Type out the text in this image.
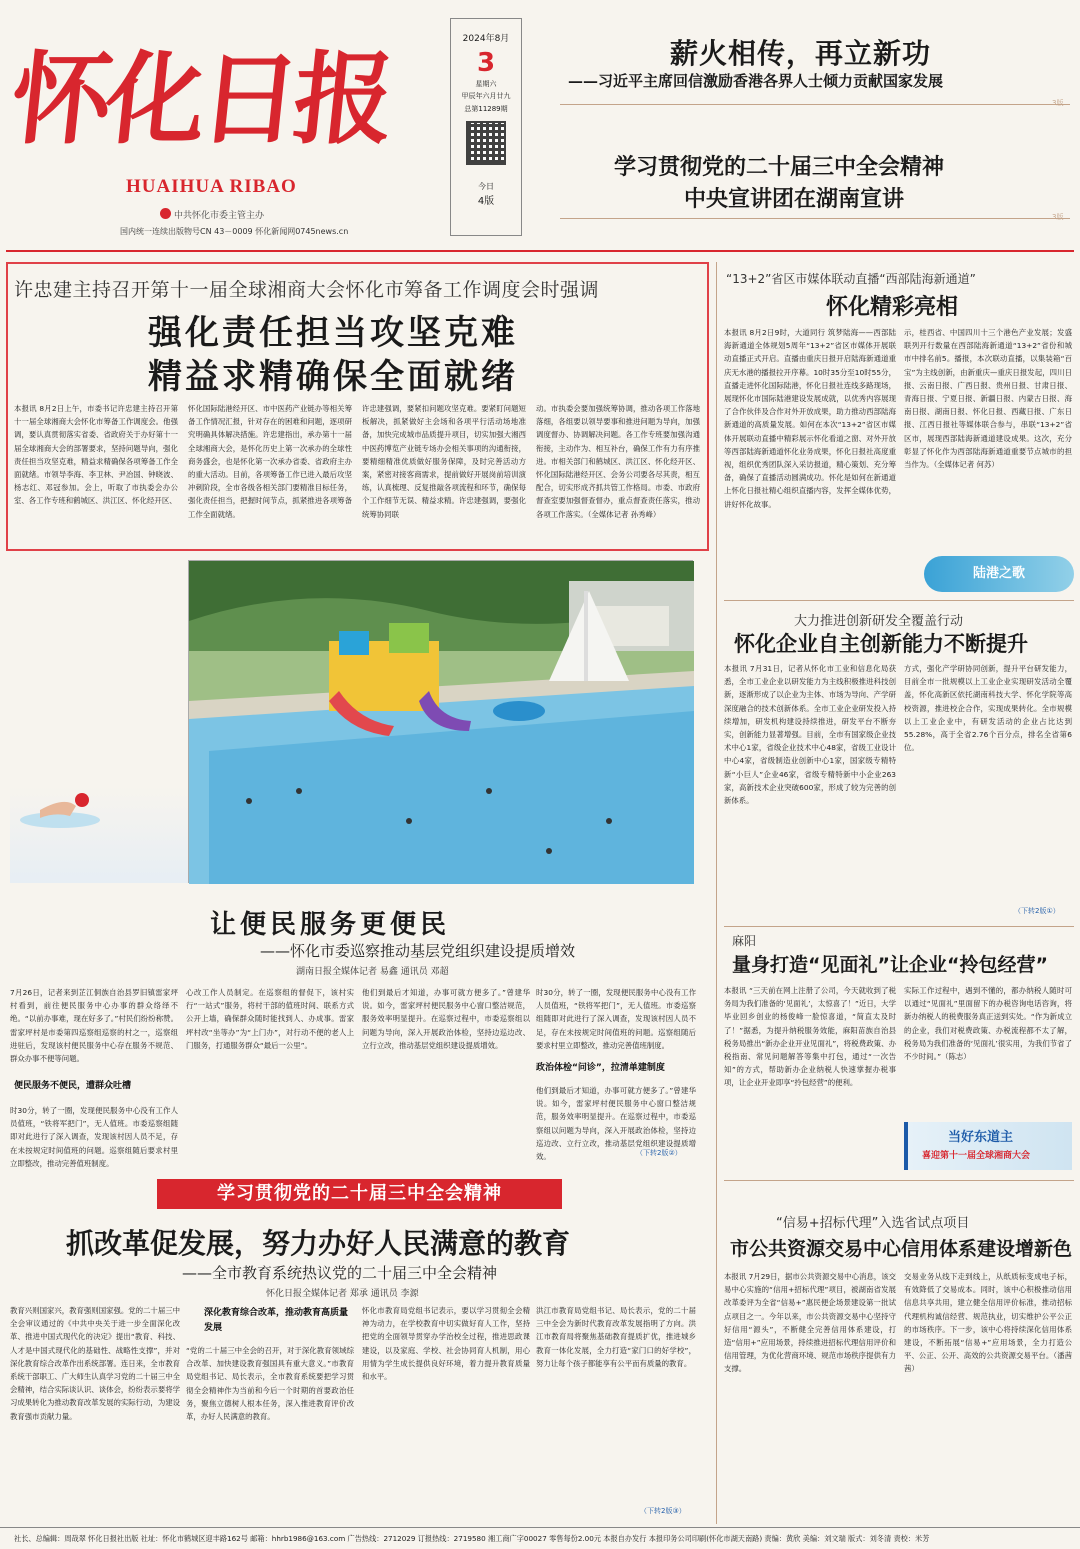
怀化日报
HUAIHUA RIBAO
中共怀化市委主管主办
国内统一连续出版物号CN 43－0009 怀化新闻网0745news.cn
2024年8月
3
星期六
甲辰年六月廿九
总第11289期
今日
4版
薪火相传，再立新功
——习近平主席回信激励香港各界人士倾力贡献国家发展
3版
学习贯彻党的二十届三中全会精神
中央宣讲团在湖南宣讲
3版
许忠建主持召开第十一届全球湘商大会怀化市筹备工作调度会时强调
强化责任担当攻坚克难
精益求精确保全面就绪
本报讯 8月2日上午，市委书记许忠建主持召开第十一届全球湘商大会怀化市筹备工作调度会。他强调，要认真贯彻落实省委、省政府关于办好第十一届全球湘商大会的部署要求，坚持问题导向，强化责任担当攻坚克难，精益求精确保各项筹备工作全面就绪。市领导李海、李卫林、尹冶国、钟晓波、杨志红、邓冠参加。会上，听取了市执委会办公室、各工作专班和鹤城区、洪江区、怀化经开区、
怀化国际陆港经开区、市中医药产业链办等相关筹备工作情况汇报，针对存在的困难和问题，逐项研究明确具体解决措施。许忠建指出，承办第十一届全球湘商大会，是怀化历史上第一次承办的全球性商务盛会，也是怀化第一次承办省委、省政府主办的重大活动。目前，各项筹备工作已进入最后攻坚冲刺阶段，全市各级各相关部门要精准目标任务，强化责任担当，把握时间节点，抓紧推进各项筹备工作全面就绪。
许忠建强调，要紧扣问题攻坚克难。要紧盯问题短板解决，抓紧做好主会场和各项平行活动场地准备，加快完成城市品质提升项目，切实加强大湘西中医药博览产业链专场办会相关事项的沟通衔接，要精细精准优质做好服务保障，及时完善活动方案，紧密对接客商需求，提前做好开展岗前培训演练，认真梳理、反复推敲各项流程和环节，确保每个工作细节无误、精益求精。许忠建强调，要强化统筹协同联
动。市执委会要加强统筹协调，推动各项工作落地落细，各组要以领导要事和推进问题为导向，加强调度督办、协调解决问题。各工作专班要加强沟通衔接，主动作为、相互补台，确保工作有力有序推进。市相关部门和鹤城区、洪江区、怀化经开区、怀化国际陆港经开区、会务公司要各尽其责，相互配合，切实形成齐抓共管工作格局。市委、市政府督查室要加强督查督办，重点督查责任落实，推动各项工作落实。（全媒体记者 孙秀峰）
让便民服务更便民
——怀化市委巡察推动基层党组织建设提质增效
湖南日报全媒体记者 易鑫 通讯员 邓超
7月26日，记者来到芷江侗族自治县罗旧镇雷家坪村看到，前往便民服务中心办事的群众络绎不绝。“以前办事难，现在好多了。”村民们纷纷称赞。雷家坪村是市委第四巡察组巡察的村之一，巡察组进驻后，发现该村便民服务中心存在服务不规范、群众办事不便等问题。
便民服务不便民，遭群众吐槽
时30分，转了一圈，发现便民服务中心没有工作人员值班，“铁将军把门”，无人值班。市委巡察组随即对此进行了深入调查，发现该村因人员不足，存在未按规定时间值班的问题。巡察组随后要求村里立即整改，推动完善值班制度。
心改工作人员制定。在巡察组的督促下，该村实行“一站式”服务，将村干部的值班时间、联系方式公开上墙，确保群众随时能找到人、办成事。雷家坪村改“坐等办”为“上门办”，对行动不便的老人上门服务，打通服务群众“最后一公里”。
他们到最后才知道，办事可就方便多了。”曾建华说。如今，雷家坪村便民服务中心窗口整洁规范，服务效率明显提升。在巡察过程中，市委巡察组以问题为导向，深入开展政治体检，坚持边巡边改、立行立改，推动基层党组织建设提质增效。
时30分，转了一圈，发现便民服务中心没有工作人员值班，“铁将军把门”，无人值班。市委巡察组随即对此进行了深入调查，发现该村因人员不足，存在未按规定时间值班的问题。巡察组随后要求村里立即整改，推动完善值班制度。
政治体检“问诊”，拉清单建制度
他们到最后才知道，办事可就方便多了。”曾建华说。如今，雷家坪村便民服务中心窗口整洁规范，服务效率明显提升。在巡察过程中，市委巡察组以问题为导向，深入开展政治体检，坚持边巡边改、立行立改，推动基层党组织建设提质增效。	（下转2版②）
学习贯彻党的二十届三中全会精神
抓改革促发展，努力办好人民满意的教育
——全市教育系统热议党的二十届三中全会精神
怀化日报全媒体记者 郑承 通讯员 李源
教育兴则国家兴，教育强则国家强。党的二十届三中全会审议通过的《中共中央关于进一步全面深化改革、推进中国式现代化的决定》提出“教育、科技、人才是中国式现代化的基础性、战略性支撑”，并对深化教育综合改革作出系统部署。连日来，全市教育系统干部职工、广大师生认真学习党的二十届三中全会精神，结合实际谈认识、谈体会，纷纷表示要将学习成果转化为推动教育改革发展的实际行动，为建设教育强市贡献力量。
深化教育综合改革，推动教育高质量发展
“党的二十届三中全会的召开，对于深化教育领域综合改革、加快建设教育强国具有重大意义。”市教育局党组书记、局长表示，全市教育系统要把学习贯彻全会精神作为当前和今后一个时期的首要政治任务，聚焦立德树人根本任务，深入推进教育评价改革，办好人民满意的教育。
怀化市教育局党组书记表示，要以学习贯彻全会精神为动力，在学校教育中切实做好育人工作，坚持把党的全面领导贯穿办学治校全过程，推进思政课建设，以及家庭、学校、社会协同育人机制，用心用情为学生成长提供良好环境，着力提升教育质量和水平。
洪江市教育局党组书记、局长表示，党的二十届三中全会为新时代教育改革发展指明了方向。洪江市教育局将聚焦基础教育提质扩优，推进城乡教育一体化发展，全力打造“家门口的好学校”，努力让每个孩子都能享有公平而有质量的教育。
（下转2版③）
“13+2”省区市媒体联动直播“西部陆海新通道”
怀化精彩亮相
本报讯 8月2日9时，大道同行 筑梦陆海——西部陆海新通道全体规划5周年“13+2”省区市媒体开展联动直播正式开启。直播由重庆日报开启陆海新通道重庆无水港的播报拉开序幕。10时35分至10时55分，直播走进怀化国际陆港，怀化日报社连线多路现场，展现怀化市国际陆港建设发展成就，以优秀内容展现了合作伙伴及合作对外开放成果，助力推动西部陆海新通道的高质量发展。如何在本次“13+2”省区市媒体开展联动直播中精彩展示怀化看道之窗、对外开放等西部陆海新通道怀化业务成果，怀化日报社高度重视，组织优秀团队深入采访报道，精心策划、充分筹备，确保了直播活动圆满成功。怀化是如何在新通道上怀化日报社精心组织直播内容，发挥全媒体优势，讲好怀化故事。
示，桂西省、中国四川十三个港色产业发展；发盛联列开行数量在西部陆海新通道“13+2”省份和城市中排名前5。播报，本次联动直播，以集装箱“百宝”为主线创新，由新重庆—重庆日报发起，四川日报、云南日报、广西日报、贵州日报、甘肃日报、青海日报、宁夏日报、新疆日报、内蒙古日报、海南日报、湖南日报、怀化日报、西藏日报、广东日报、江西日报社等媒体联合参与，串联“13+2”省区市，展现西部陆海新通道建设成果。这次，充分彰显了怀化作为西部陆海新通道重要节点城市的担当作为。（全媒体记者 何苏）
陆港之歌
大力推进创新研发全覆盖行动
怀化企业自主创新能力不断提升
本报讯 7月31日，记者从怀化市工业和信息化局获悉，全市工业企业以研发能力为主线积极推进科技创新，逐渐形成了以企业为主体、市场为导向、产学研深度融合的技术创新体系。全市工业企业研发投入持续增加，研发机构建设持续推进，研发平台不断夯实，创新能力显著增强。目前，全市有国家级企业技术中心1家，省级企业技术中心48家，省级工业设计中心4家，省级制造业创新中心1家，国家级专精特新“小巨人”企业46家，省级专精特新中小企业263家，高新技术企业突破600家，形成了较为完善的创新体系。
方式，强化产学研协同创新，提升平台研发能力，目前全市一批规模以上工业企业实现研发活动全覆盖，怀化高新区依托湖南科技大学、怀化学院等高校资源，推进校企合作，实现成果转化。全市规模以上工业企业中，有研发活动的企业占比达到55.28%，高于全省2.76个百分点，排名全省第6位。
（下转2版①）
麻阳
量身打造“见面礼”让企业“拎包经营”
本报讯 “三天前在网上注册了公司，今天就收到了税务局为我们准备的‘见面礼’，太惊喜了！”近日，大学毕业回乡创业的杨俊峰一脸惊喜道，“简直太及时了！”据悉，为提升纳税服务效能，麻阳苗族自治县税务局推出“新办企业开业见面礼”，将税费政策、办税指南、常见问题解答等集中打包，通过“一次告知”的方式，帮助新办企业纳税人快速掌握办税事项，让企业开业即享“拎包经营”的便利。
实际工作过程中，遇到不懂的，都办纳税人随时可以通过“见面礼”里面留下的办税咨询电话咨询，将新办纳税人的税费服务真正送到实处。“作为新成立的企业，我们对税费政策、办税流程都不太了解，税务局为我们准备的‘见面礼’很实用，为我们节省了不少时间。”（陈志）
当好东道主
喜迎第十一届全球湘商大会
“信易+招标代理”入选省试点项目
市公共资源交易中心信用体系建设增新色
本报讯 7月29日，据市公共资源交易中心消息，该交易中心实施的“信用+招标代理”项目，被湖南省发展改革委评为全省“信易+”惠民便企场景建设第一批试点项目之一。今年以来，市公共资源交易中心坚持守好信用“源头”，不断健全完善信用体系建设，打造“信用+”应用场景，持续推进招标代理信用评价和信用管理，为优化营商环境、规范市场秩序提供有力支撑。
交易业务从线下走到线上，从纸质标变成电子标，有效降低了交易成本。同时，该中心积极推动信用信息共享共用，建立健全信用评价标准，推动招标代理机构诚信经营、规范执业，切实维护公平公正的市场秩序。下一步，该中心将持续深化信用体系建设，不断拓展“信易+”应用场景，全力打造公平、公正、公开、高效的公共资源交易平台。（潘茜茜）
社长、总编辑：周哉翠 怀化日报社出版 社址：怀化市鹤城区迎丰路162号 邮箱：hhrb1986@163.com 广告热线：2712029 订报热线：2719580 湘工商广字00027 零售每份2.00元 本报自办发行 本报印务公司印刷(怀化市湖天南路) 责编：黄欣 美编：刘文瑞 版式：刘冬清 责校：米芳
